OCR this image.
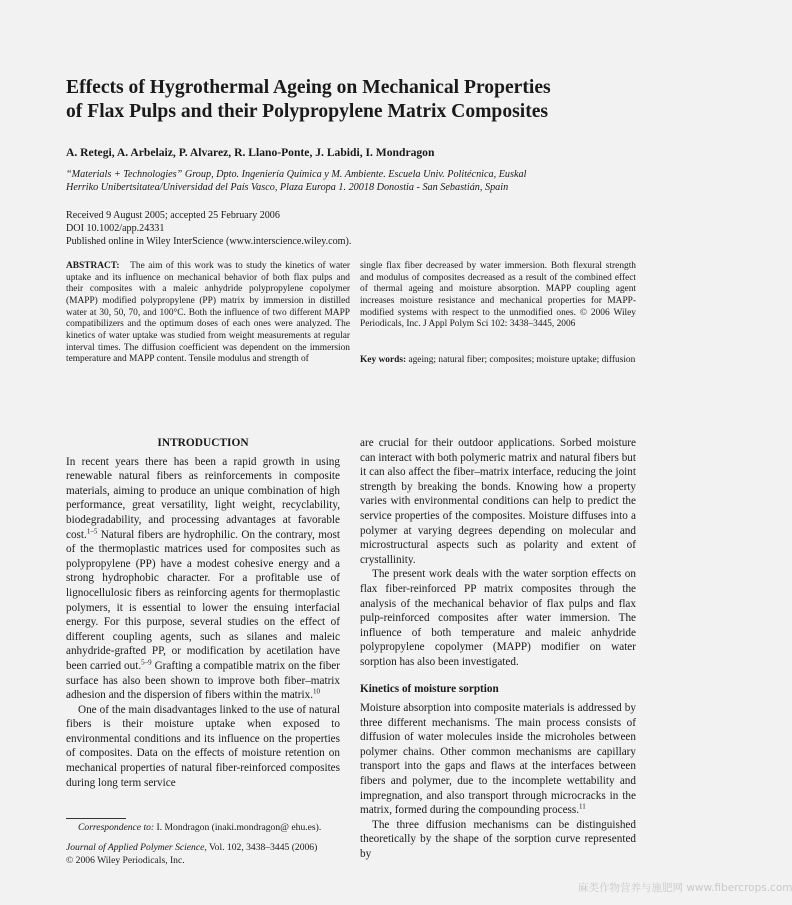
Effects of Hygrothermal Ageing on Mechanical Properties
of Flax Pulps and their Polypropylene Matrix Composites

A. Retegi, A. Arbelaiz, P. Alvarez, R. Llano-Ponte, J. Labidi, I. Mondragon

“Materials + Technologies” Group, Dpto. Ingeniería Química y M. Ambiente. Escuela Univ. Politécnica, Euskal
Herriko Unibertsitatea/Universidad del País Vasco, Plaza Europa 1. 20018 Donostia - San Sebastián, Spain
Received 9 August 2005; accepted 25 February 2006
DOI 10.1002/app.24331
Published online in Wiley InterScience (www.interscience.wiley.com).

ABSTRACT: The aim of this work was to study the kinetics of water uptake and its influence on mechanical behavior of both flax pulps and their composites with a maleic anhydride polypropylene copolymer (MAPP) modified polypropylene (PP) matrix by immersion in distilled water at 30, 50, 70, and 100°C. Both the influence of two different MAPP compatibilizers and the optimum doses of each ones were analyzed. The kinetics of water uptake was studied from weight measurements at regular interval times. The diffusion coefficient was dependent on the immersion temperature and MAPP content. Tensile modulus and strength of

single flax fiber decreased by water immersion. Both flexural strength and modulus of composites decreased as a result of the combined effect of thermal ageing and moisture absorption. MAPP coupling agent increases moisture resistance and mechanical properties for MAPP-modified systems with respect to the unmodified ones. © 2006 Wiley Periodicals, Inc. J Appl Polym Sci 102: 3438–3445, 2006

Key words: ageing; natural fiber; composites; moisture uptake; diffusion

INTRODUCTION

In recent years there has been a rapid growth in using renewable natural fibers as reinforcements in composite materials, aiming to produce an unique combination of high performance, great versatility, light weight, recyclability, biodegradability, and processing advantages at favorable cost.$^{1-5}$ Natural fibers are hydrophilic. On the contrary, most of the thermoplastic matrices used for composites such as polypropylene (PP) have a modest cohesive energy and a strong hydrophobic character. For a profitable use of lignocellulosic fibers as reinforcing agents for thermoplastic polymers, it is essential to lower the ensuing interfacial energy. For this purpose, several studies on the effect of different coupling agents, such as silanes and maleic anhydride-grafted PP, or modification by acetilation have been carried out.$^{5-9}$ Grafting a compatible matrix on the fiber surface has also been shown to improve both fiber–matrix adhesion and the dispersion of fibers within the matrix.$^{10}$

One of the main disadvantages linked to the use of natural fibers is their moisture uptake when exposed to environmental conditions and its influence on the properties of composites. Data on the effects of moisture retention on mechanical properties of natural fiber-reinforced composites during long term service

are crucial for their outdoor applications. Sorbed moisture can interact with both polymeric matrix and natural fibers but it can also affect the fiber–matrix interface, reducing the joint strength by breaking the bonds. Knowing how a property varies with environmental conditions can help to predict the service properties of the composites. Moisture diffuses into a polymer at varying degrees depending on molecular and microstructural aspects such as polarity and extent of crystallinity.

The present work deals with the water sorption effects on flax fiber-reinforced PP matrix composites through the analysis of the mechanical behavior of flax pulps and flax pulp-reinforced composites after water immersion. The influence of both temperature and maleic anhydride polypropylene copolymer (MAPP) modifier on water sorption has also been investigated.

Kinetics of moisture sorption

Moisture absorption into composite materials is addressed by three different mechanisms. The main process consists of diffusion of water molecules inside the microholes between polymer chains. Other common mechanisms are capillary transport into the gaps and flaws at the interfaces between fibers and polymer, due to the incomplete wettability and impregnation, and also transport through microcracks in the matrix, formed during the compounding process.$^{11}$

The three diffusion mechanisms can be distinguished theoretically by the shape of the sorption curve represented by

Correspondence to: I. Mondragon (inaki.mondragon@ ehu.es).
Journal of Applied Polymer Science, Vol. 102, 3438–3445 (2006)
© 2006 Wiley Periodicals, Inc.
麻类作物营养与施肥网 www.fibercrops.com
